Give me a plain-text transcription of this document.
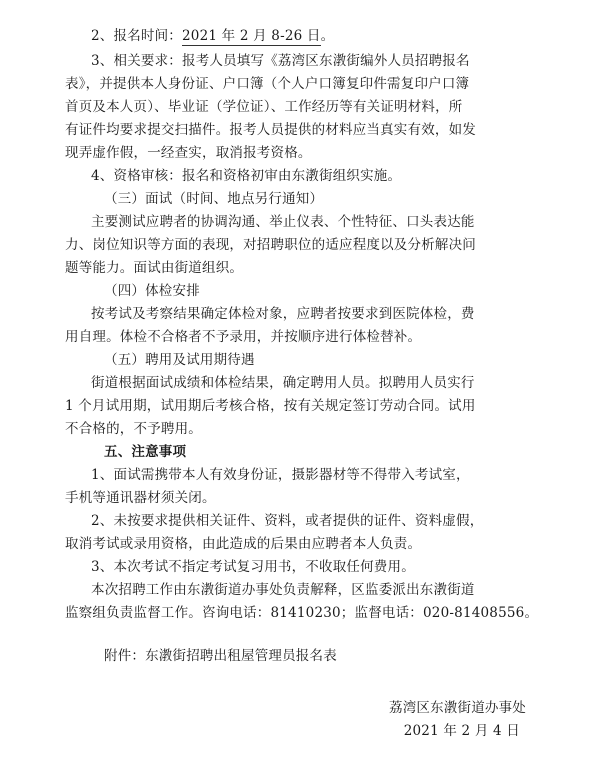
2、报名时间：2021 年 2 月 8-26 日。
3、相关要求：报考人员填写《荔湾区东漖街编外人员招聘报名
表》，并提供本人身份证、户口簿（个人户口簿复印件需复印户口簿
首页及本人页）、毕业证（学位证）、工作经历等有关证明材料，所
有证件均要求提交扫描件。报考人员提供的材料应当真实有效，如发
现弄虚作假，一经查实，取消报考资格。
4、资格审核：报名和资格初审由东漖街组织实施。
（三）面试（时间、地点另行通知）
主要测试应聘者的协调沟通、举止仪表、个性特征、口头表达能
力、岗位知识等方面的表现，对招聘职位的适应程度以及分析解决问
题等能力。面试由街道组织。
（四）体检安排
按考试及考察结果确定体检对象，应聘者按要求到医院体检，费
用自理。体检不合格者不予录用，并按顺序进行体检替补。
（五）聘用及试用期待遇
街道根据面试成绩和体检结果，确定聘用人员。拟聘用人员实行
1 个月试用期，试用期后考核合格，按有关规定签订劳动合同。试用
不合格的，不予聘用。
五、注意事项
1、面试需携带本人有效身份证，摄影器材等不得带入考试室，
手机等通讯器材须关闭。
2、未按要求提供相关证件、资料，或者提供的证件、资料虚假，
取消考试或录用资格，由此造成的后果由应聘者本人负责。
3、本次考试不指定考试复习用书，不收取任何费用。
本次招聘工作由东漖街道办事处负责解释，区监委派出东漖街道
监察组负责监督工作。咨询电话：81410230；监督电话：020-81408556。
附件：东漖街招聘出租屋管理员报名表
荔湾区东漖街道办事处
2021 年 2 月 4 日
